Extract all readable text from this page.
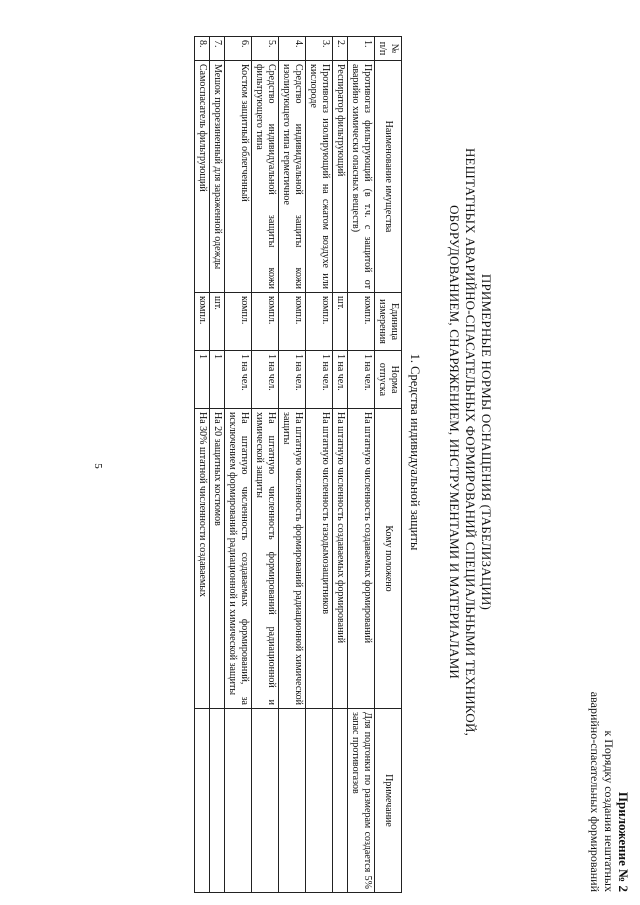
5
Приложение № 2
к Порядку создания нештатных
аварийно-спасательных формирований
ПРИМЕРНЫЕ НОРМЫ ОСНАЩЕНИЯ (ТАБЕЛИЗАЦИИ)
НЕШТАТНЫХ АВАРИЙНО-СПАСАТЕЛЬНЫХ ФОРМИРОВАНИЙ СПЕЦИАЛЬНЫМИ ТЕХНИКОЙ,
ОБОРУДОВАНИЕМ, СНАРЯЖЕНИЕМ, ИНСТРУМЕНТАМИ И МАТЕРИАЛАМИ
1. Средства индивидуальной защиты
№ п/п	Наименование имущества	Единица измерения	Норма отпуска	Кому положено	Примечание
1.	Противогаз фильтрующий (в т.ч. с защитой от аварийно химически опасных веществ)	компл.	1 на чел.	На штатную численность создаваемых формирований	Для подгонки по размерам создается 5% запас противогазов
2.	Респиратор фильтрующий	шт.	1 на чел.	На штатную численность создаваемых формирований	
3.	Противогаз изолирующий на сжатом воздухе или кислороде	компл.	1 на чел.	На штатную численность газодымозащитников	
4.	Средство индивидуальной защиты кожи изолирующего типа герметичное	компл.	1 на чел.	На штатную численность формирований радиационной химической защиты	
5.	Средство индивидуальной защиты кожи фильтрующего типа	компл.	1 на чел.	На штатную численность формирований радиационной и химической защиты	
6.	Костюм защитный облегченный	компл.	1 на чел.	На штатную численность создаваемых формирований, за исключением формирований радиационной и химической защиты	
7.	Мешок прорезиненный для зараженной одежды	шт.	1	На 20 защитных костюмов	
8.	Самоспасатель фильтрующий	компл.	1	На 30% штатной численности создаваемых	
